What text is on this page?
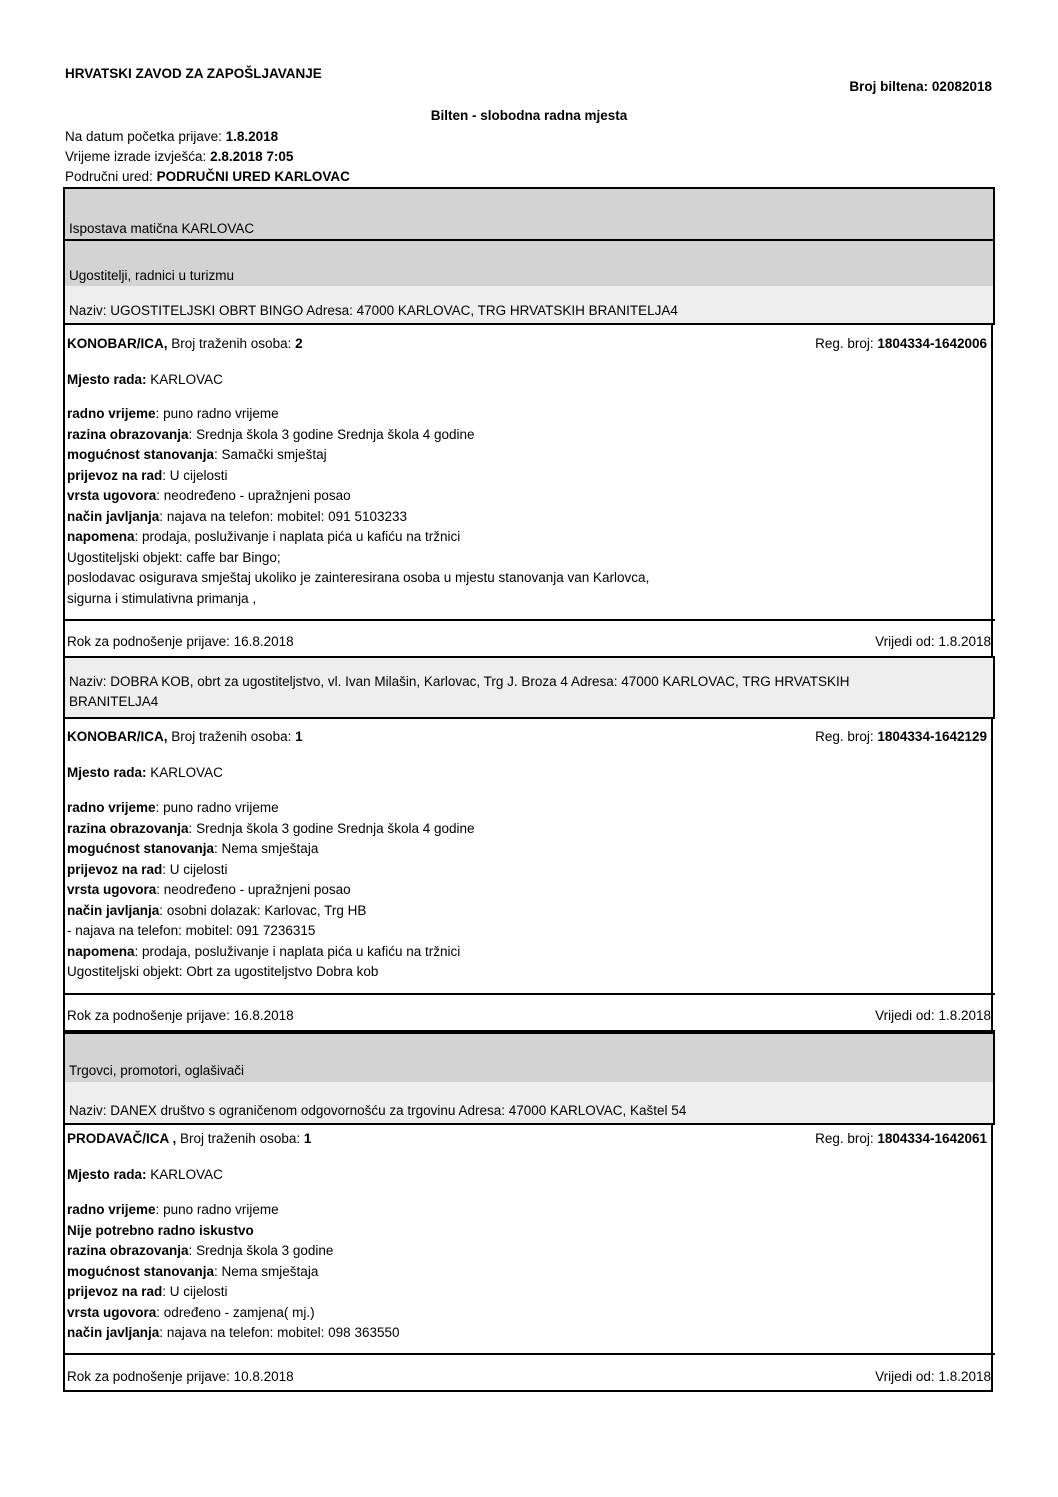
HRVATSKI ZAVOD ZA ZAPOŠLJAVANJE
Broj biltena: 02082018
Bilten - slobodna radna mjesta
Na datum početka prijave: 1.8.2018
Vrijeme izrade izvješća: 2.8.2018 7:05
Područni ured: PODRUČNI URED KARLOVAC
Ispostava matična KARLOVAC
Ugostitelji, radnici u turizmu
Naziv: UGOSTITELJSKI OBRT BINGO Adresa: 47000 KARLOVAC, TRG HRVATSKIH BRANITELJA4
KONOBAR/ICA, Broj traženih osoba: 2	Reg. broj: 1804334-1642006
Mjesto rada: KARLOVAC
radno vrijeme: puno radno vrijeme
razina obrazovanja: Srednja škola 3 godine Srednja škola 4 godine
mogućnost stanovanja: Samački smještaj
prijevoz na rad: U cijelosti
vrsta ugovora: neodređeno - upražnjeni posao
način javljanja: najava na telefon: mobitel: 091 5103233
napomena: prodaja, posluživanje i naplata pića u kafiću na tržnici
Ugostiteljski objekt: caffe bar Bingo;
poslodavac osigurava smještaj ukoliko je zainteresirana osoba u mjestu stanovanja van Karlovca,
sigurna i stimulativna primanja ,
Rok za podnošenje prijave: 16.8.2018	Vrijedi od: 1.8.2018
Naziv: DOBRA KOB, obrt za ugostiteljstvo, vl. Ivan Milašin, Karlovac, Trg J. Broza 4 Adresa: 47000 KARLOVAC, TRG HRVATSKIH
BRANITELJA4
KONOBAR/ICA, Broj traženih osoba: 1	Reg. broj: 1804334-1642129
Mjesto rada: KARLOVAC
radno vrijeme: puno radno vrijeme
razina obrazovanja: Srednja škola 3 godine Srednja škola 4 godine
mogućnost stanovanja: Nema smještaja
prijevoz na rad: U cijelosti
vrsta ugovora: neodređeno - upražnjeni posao
način javljanja: osobni dolazak: Karlovac, Trg HB
- najava na telefon: mobitel: 091 7236315
napomena: prodaja, posluživanje i naplata pića u kafiću na tržnici
Ugostiteljski objekt: Obrt za ugostiteljstvo Dobra kob
Rok za podnošenje prijave: 16.8.2018	Vrijedi od: 1.8.2018
Trgovci, promotori, oglašivači
Naziv: DANEX društvo s ograničenom odgovornošću za trgovinu Adresa: 47000 KARLOVAC, Kaštel 54
PRODAVAČ/ICA , Broj traženih osoba: 1	Reg. broj: 1804334-1642061
Mjesto rada: KARLOVAC
radno vrijeme: puno radno vrijeme
Nije potrebno radno iskustvo
razina obrazovanja: Srednja škola 3 godine
mogućnost stanovanja: Nema smještaja
prijevoz na rad: U cijelosti
vrsta ugovora: određeno - zamjena( mj.)
način javljanja: najava na telefon: mobitel: 098 363550
Rok za podnošenje prijave: 10.8.2018	Vrijedi od: 1.8.2018
